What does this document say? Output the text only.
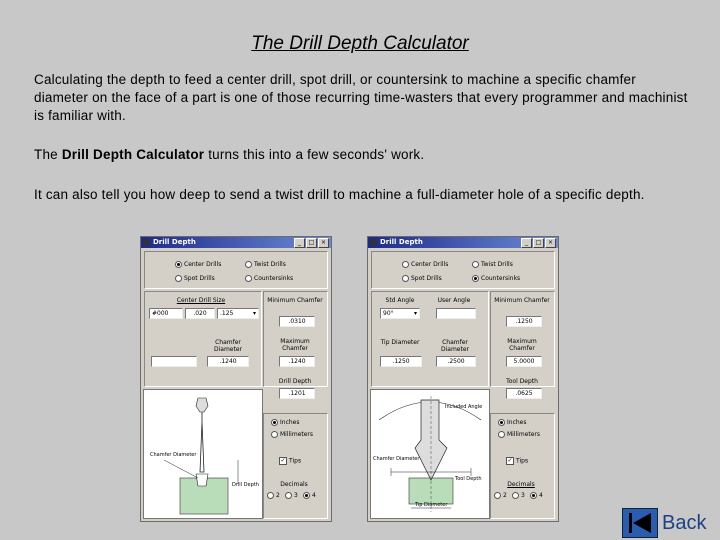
The Drill Depth Calculator
Calculating the depth to feed a center drill, spot drill, or countersink to machine a specific chamfer diameter on the face of a part is one of those recurring time-wasters that every programmer and machinist is familiar with.
The Drill Depth Calculator turns this into a few seconds' work.
It can also tell you how deep to send a twist drill to machine a full-diameter hole of a specific depth.
Drill Depth	_	□	×
Center Drills	Twist Drills
Spot Drills	Countersinks
Center Drill Size
#000	.020	.125	▾
Chamfer Diameter
.1240
Minimum Chamfer
.0310
Maximum Chamfer
.1240
Drill Depth
.1201
Chamfer Diameter
Drill Depth
Inches
Millimeters
✓ Tips
Decimals
2	3	4
Drill Depth	_	□	×
Center Drills	Twist Drills
Spot Drills	Countersinks
Std Angle
90°	▾
User Angle
Tip Diameter
.1250
Chamfer Diameter
.2500
Minimum Chamfer
.1250
Maximum Chamfer
5.0000
Tool Depth
.0625
Included Angle
Chamfer Diameter
Tool Depth
Tip Diameter
Inches
Millimeters
✓ Tips
Decimals
2	3	4
Back
